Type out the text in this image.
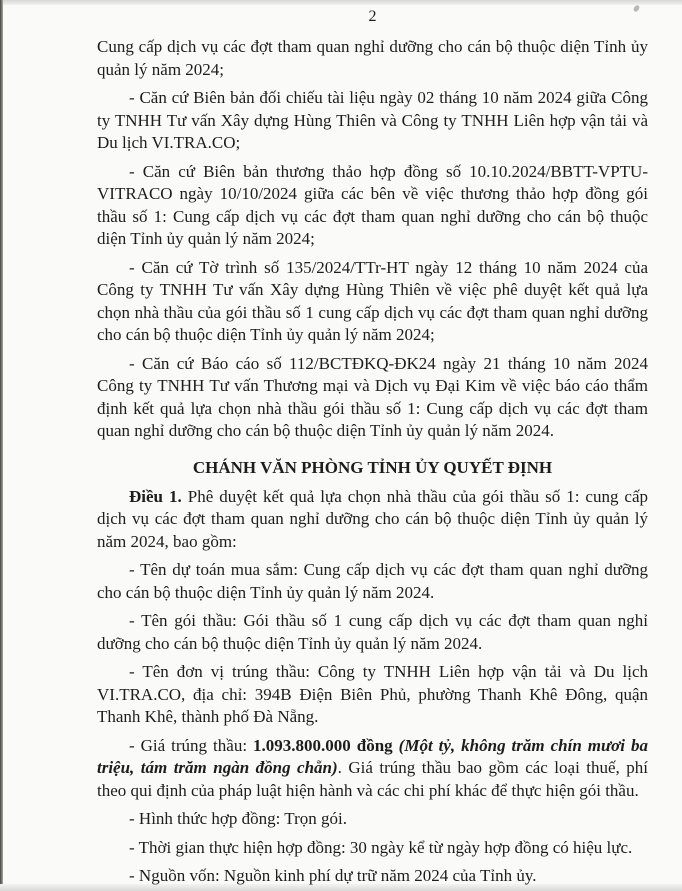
2

Cung cấp dịch vụ các đợt tham quan nghỉ dưỡng cho cán bộ thuộc diện Tỉnh ủy quản lý năm 2024;

- Căn cứ Biên bản đối chiếu tài liệu ngày 02 tháng 10 năm 2024 giữa Công ty TNHH Tư vấn Xây dựng Hùng Thiên và Công ty TNHH Liên hợp vận tải và Du lịch VI.TRA.CO;

- Căn cứ Biên bản thương thảo hợp đồng số 10.10.2024/BBTT-VPTU-VITRACO ngày 10/10/2024 giữa các bên về việc thương thảo hợp đồng gói thầu số 1: Cung cấp dịch vụ các đợt tham quan nghỉ dưỡng cho cán bộ thuộc diện Tỉnh ủy quản lý năm 2024;

- Căn cứ Tờ trình số 135/2024/TTr-HT ngày 12 tháng 10 năm 2024 của Công ty TNHH Tư vấn Xây dựng Hùng Thiên về việc phê duyệt kết quả lựa chọn nhà thầu của gói thầu số 1 cung cấp dịch vụ các đợt tham quan nghỉ dưỡng cho cán bộ thuộc diện Tỉnh ủy quản lý năm 2024;

- Căn cứ Báo cáo số 112/BCTĐKQ-ĐK24 ngày 21 tháng 10 năm 2024 Công ty TNHH Tư vấn Thương mại và Dịch vụ Đại Kim về việc báo cáo thẩm định kết quả lựa chọn nhà thầu gói thầu số 1: Cung cấp dịch vụ các đợt tham quan nghỉ dưỡng cho cán bộ thuộc diện Tỉnh ủy quản lý năm 2024.

CHÁNH VĂN PHÒNG TỈNH ỦY QUYẾT ĐỊNH

Điều 1. Phê duyệt kết quả lựa chọn nhà thầu của gói thầu số 1: cung cấp dịch vụ các đợt tham quan nghỉ dưỡng cho cán bộ thuộc diện Tỉnh ủy quản lý năm 2024, bao gồm:

- Tên dự toán mua sắm: Cung cấp dịch vụ các đợt tham quan nghỉ dưỡng cho cán bộ thuộc diện Tỉnh ủy quản lý năm 2024.

- Tên gói thầu: Gói thầu số 1 cung cấp dịch vụ các đợt tham quan nghỉ dưỡng cho cán bộ thuộc diện Tỉnh ủy quản lý năm 2024.

- Tên đơn vị trúng thầu: Công ty TNHH Liên hợp vận tải và Du lịch VI.TRA.CO, địa chỉ: 394B Điện Biên Phủ, phường Thanh Khê Đông, quận Thanh Khê, thành phố Đà Nẵng.

- Giá trúng thầu: 1.093.800.000 đồng (Một tỷ, không trăm chín mươi ba triệu, tám trăm ngàn đồng chẵn). Giá trúng thầu bao gồm các loại thuế, phí theo qui định của pháp luật hiện hành và các chi phí khác để thực hiện gói thầu.

- Hình thức hợp đồng: Trọn gói.

- Thời gian thực hiện hợp đồng: 30 ngày kể từ ngày hợp đồng có hiệu lực.

- Nguồn vốn: Nguồn kinh phí dự trữ năm 2024 của Tỉnh ủy.
